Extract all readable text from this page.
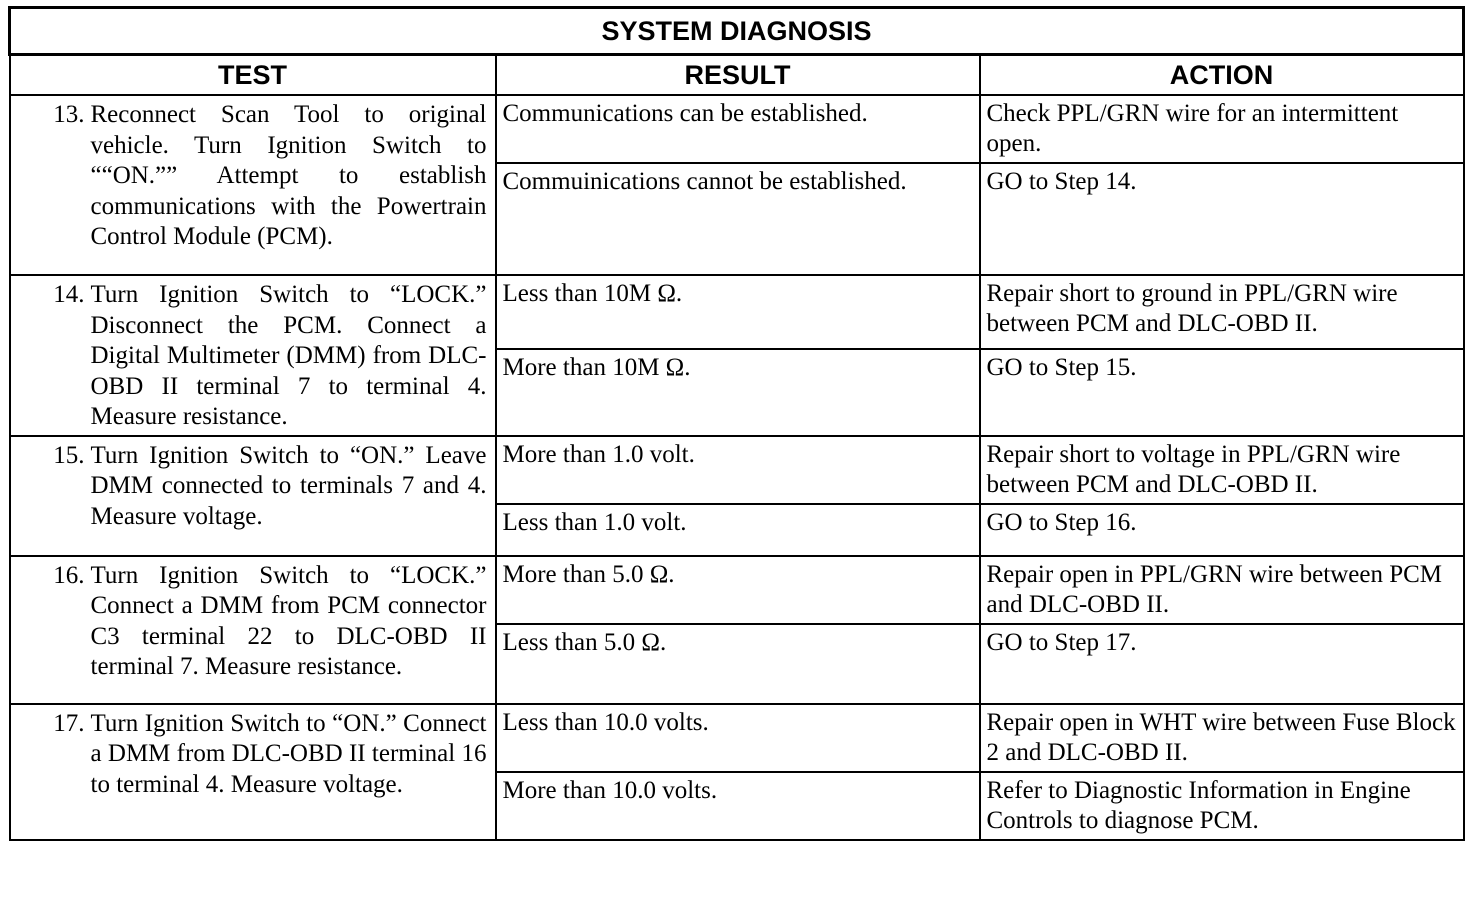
SYSTEM DIAGNOSIS		
TEST	RESULT	ACTION

13. Reconnect Scan Tool to original vehicle. Turn Ignition Switch to ““ON.”” Attempt to establish communications with the Powertrain Control Module (PCM).	Communications can be established.	Check PPL/GRN wire for an intermittent open.
	Commuinications cannot be established.	GO to Step 14.

14. Turn Ignition Switch to “LOCK.” Disconnect the PCM. Connect a Digital Multimeter (DMM) from DLC-OBD II terminal 7 to terminal 4. Measure resistance.	Less than 10M Ω.	Repair short to ground in PPL/GRN wire between PCM and DLC-OBD II.
	More than 10M Ω.	GO to Step 15.

15. Turn Ignition Switch to “ON.” Leave DMM connected to terminals 7 and 4. Measure voltage.	More than 1.0 volt.	Repair short to voltage in PPL/GRN wire between PCM and DLC-OBD II.
	Less than 1.0 volt.	GO to Step 16.

16. Turn Ignition Switch to “LOCK.” Connect a DMM from PCM connector C3 terminal 22 to DLC-OBD II terminal 7. Measure resistance.	More than 5.0 Ω.	Repair open in PPL/GRN wire between PCM and DLC-OBD II.
	Less than 5.0 Ω.	GO to Step 17.

17. Turn Ignition Switch to “ON.” Connect a DMM from DLC-OBD II terminal 16 to terminal 4. Measure voltage.	Less than 10.0 volts.	Repair open in WHT wire between Fuse Block 2 and DLC-OBD II.
	More than 10.0 volts.	Refer to Diagnostic Information in Engine Controls to diagnose PCM.
